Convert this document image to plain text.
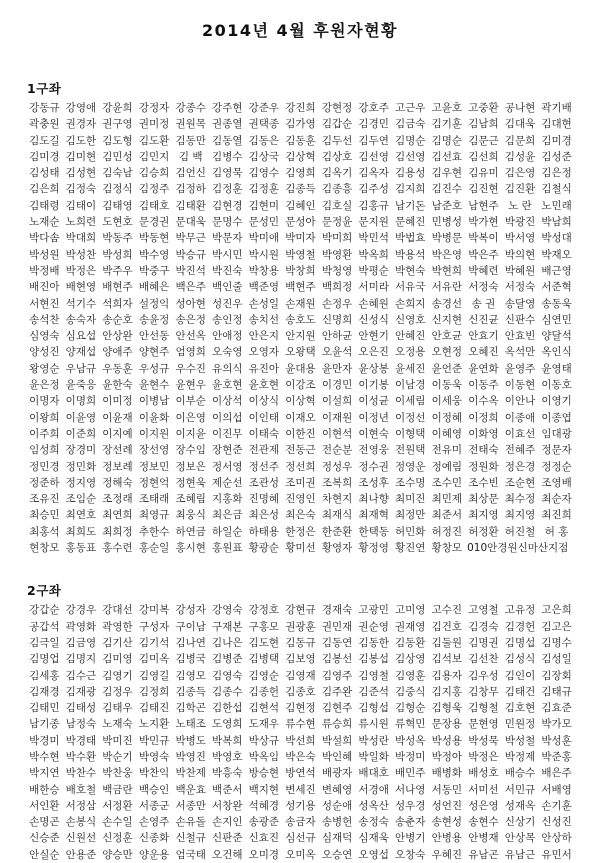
2014년 4월 후원자현황
1구좌
강동규 강영애 강윤희 강정자 강종수 강주현 강준우 강진희 강현정 강호주 고근우 고윤호 고중환 공나현 곽기배
곽충원 권경자 권구영 권미정 권원목 권종열 권택종 김가영 김갑순 김경민 김금숙 김기훈 김남희 김대욱 김대현
김도길 김도한 김도형 김도환 김동만 김동열 김동은 김동훈 김두선 김두연 김명순 김명순 김문근 김문희 김미경
김미경 김미현 김민성 김민지 김 백 김병수 김상국 김상혁 김상호 김선영 김선영 김선효 김선희 김성윤 김성준
김성태 김성현 김숙남 김승희 김언신 김영묵 김영수 김영희 김옥기 김옥자 김용성 김우현 김유미 김은영 김은정
김은희 김정숙 김정식 김정주 김정하 김정훈 김정훈 김종득 김종흥 김주성 김지희 김진수 김진현 김진환 김철식
김태령 김태이 김태영 김태호 김태환 김현경 김현미 김혜인 김호실 김홍규 남기돈 남준호 남현주 노 란 노민래
노재순 노희련 도현호 문경권 문대욱 문명수 문성민 문성아 문정윤 문지원 문혜진 민병성 박가현 박광진 박남희
박다솜 박대희 박동주 박동현 박무근 박문자 박미애 박미자 박미희 박민석 박법효 박병문 박복이 박서영 박성대
박성원 박성찬 박성희 박수영 박승규 박시민 박시원 박영철 박영환 박옥희 박용석 박은영 박은주 박의현 박재오
박정배 박정은 박주우 박중구 박진석 박진숙 박창용 박창희 박청영 박평순 박현숙 박현희 박혜련 박혜원 배근영
배진아 배현영 배현주 배혜은 백은주 백인줄 백준영 백현주 백희정 서미라 서유국 서유란 서정숙 서정숙 서준혁
서현진 석기수 석희자 설정익 성아현 성진우 손성일 손재원 손정우 손혜원 손희지 송경선 송 권 송달영 송동욱
송석찬 송숙자 송순호 송윤정 송은정 송인정 송치선 송호도 신명희 신성식 신영호 신지현 신진균 신판수 심연민
심영숙 심요섭 안상완 안선동 안선옥 안애정 안은지 안지원 안하균 안현기 안혜진 안호균 안효기 안효빈 양달석
양성진 양재섭 양애주 양현주 엄영희 오숙영 오영자 오왕택 오윤석 오은진 오정용 오현정 오혜진 옥석만 옥인식
왕영순 우남규 우동훈 우성규 우수진 유의식 유진아 윤대용 윤만자 윤상봉 윤세진 윤언준 윤연화 윤영주 윤영태
윤은정 윤죽응 윤한숙 윤현수 윤현우 윤호현 윤호현 이강조 이경민 이기봉 이남경 이동욱 이동주 이동현 이동호
이명자 이명희 이미정 이병남 이부순 이상석 이상식 이상혁 이설희 이성균 이세림 이세웅 이수옥 이안나 이영기
이왕희 이윤영 이윤재 이윤화 이은영 이의섭 이인태 이재오 이재원 이정년 이정선 이정혜 이정희 이종애 이종엽
이주희 이준희 이지예 이지원 이지윤 이진무 이태숙 이한진 이현석 이현숙 이형택 이혜영 이화영 이효선 임대광
임성희 장경미 장선례 장선영 장수임 장현준 전관제 전동근 전순분 전영웅 전원택 전유미 전태숙 전혜주 정문자
정민경 정민화 정보례 정보민 정보은 정서영 정선주 정선희 정성우 정수권 정영운 정예림 정원화 정은경 정정순
정준하 정지영 정해숙 정현억 정현욱 제순선 조관성 조미권 조복희 조성후 조수명 조수민 조수빈 조순현 조영배
조유진 조임순 조정래 조태래 조혜림 지홍화 진명혜 진영인 차현지 최나향 최미진 최민제 최상문 최수정 최순자
최승민 최연호 최연희 최영규 최웅식 최은금 최은성 최은숙 최재식 최재혁 최정만 최준서 최지영 최지영 최진희
최홍석 최희도 최희정 추한수 하연금 하일순 하태용 한정은 한준환 한택동 허민화 허정진 허정환 허진철 허 홍
현창모 홍동표 홍수련 홍순일 홍시현 홍원표 황광순 황미선 황영자 황정영 황진연 황창모 010안경원신마산지점
2구좌
강갑순 강경우 강대선 강미복 강성자 강영숙 강정호 강현규 경재숙 고광민 고미영 고수진 고영철 고유정 고은희
공갑석 곽영화 곽영한 구성자 구이남 구재본 구홍모 권광훈 권민재 권순영 권재영 김건호 김경숙 김경헌 김고은
김극일 김금영 김기산 김기석 김나연 김나은 김도현 김동규 김동연 김동한 김동환 김둘원 김명권 김명섭 김명수
김명업 김명지 김미영 김미옥 김병국 김병준 김병택 김보영 김봉선 김봉섭 김상영 김석보 김선찬 김성식 김성일
김세홍 김수근 김영기 김영길 김영모 김영숙 김영순 김영재 김영주 김영철 김영훈 김용자 김우성 김인이 김장회
김재경 김재광 김정우 김정희 김종득 김종수 김종헌 김종호 김주완 김준석 김중식 김지홍 김창무 김태건 김태규
김태민 김태성 김태우 김태진 김학곤 김한섭 김현석 김현정 김현주 김형섭 김형순 김형욱 김형철 김호현 김효준
남기종 남정숙 노재숙 노지환 노태조 도영희 도재우 류수현 류승희 류시원 류혁민 문장용 문현영 민원정 박가모
박경미 박경태 박미진 박민규 박병도 박복희 박상규 박선희 박설희 박성란 박성옥 박성용 박성묵 박성철 박성훈
박수현 박수환 박순기 박영숙 박영진 박영호 박옥임 박은숙 박인혜 박일화 박정미 박정아 박정은 박정제 박준홍
박지연 박찬수 박찬웅 박찬익 박찬제 박흥숙 방승현 방연석 배광자 배대호 배민주 배병화 배성호 배승수 배은주
배한승 배호철 백금란 백승인 백운효 백준서 백지현 변세진 변혜영 서경애 서나영 서동민 서미선 서민규 서배영
서인환 서정삼 서정환 서종군 서종만 서창완 석혜경 성기용 성순애 성옥산 성우경 성언진 성은영 성재옥 손기훈
손명곤 손봉식 손수일 손영주 손유돌 손지인 송광준 송금자 송병헌 송정숙 송춘자 송현성 송현수 신상기 신성진
신승준 신원선 신정훈 신종화 신철규 신판준 신효진 심선규 심재덕 심재욱 안병기 안병용 안병재 안상목 안상하
안실순 안용준 양승만 양운용 엄국태 오건해 오미경 오미옥 오승연 오영섭 오창숙 우혜진 유남곤 유남근 유민서
